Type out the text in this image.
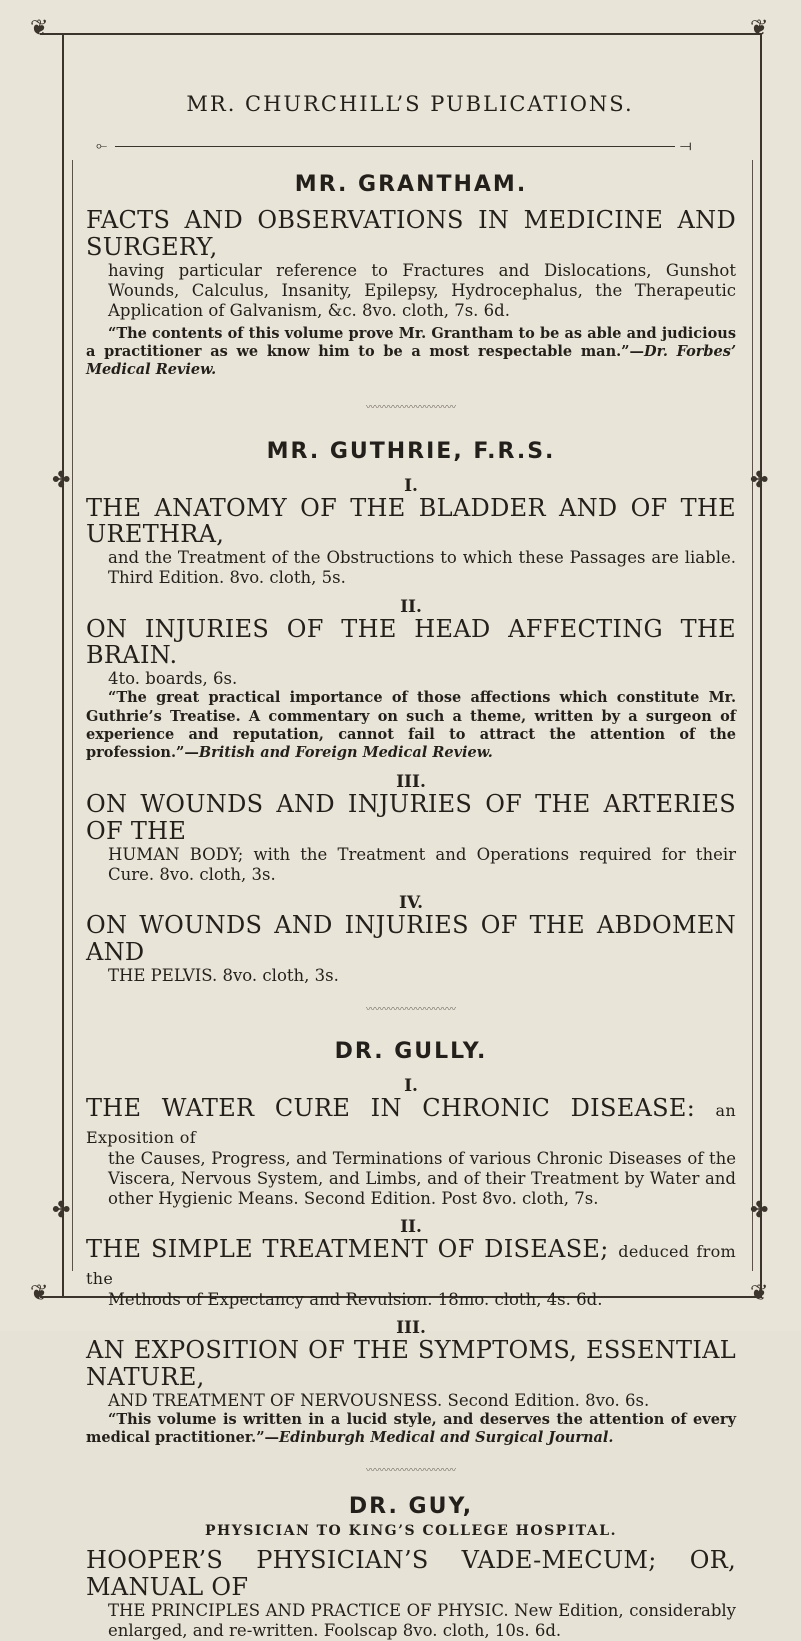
❦	❦
❦	❦
✤	✤
✤	✤
MR. CHURCHILL’S PUBLICATIONS.
⟜	⟞
MR. GRANTHAM.
FACTS AND OBSERVATIONS IN MEDICINE AND SURGERY,
having particular reference to Fractures and Dislocations, Gunshot Wounds, Calculus, Insanity, Epilepsy, Hydrocephalus, the Therapeutic Application of Galvanism, &c. 8vo. cloth, 7s. 6d.
“The contents of this volume prove Mr. Grantham to be as able and judicious a practitioner as we know him to be a most respectable man.”—Dr. Forbes’ Medical Review.
〰〰〰〰〰〰〰〰〰〰
MR. GUTHRIE, F.R.S.
I.
THE ANATOMY OF THE BLADDER AND OF THE URETHRA,
and the Treatment of the Obstructions to which these Passages are liable. Third Edition. 8vo. cloth, 5s.
II.
ON INJURIES OF THE HEAD AFFECTING THE BRAIN.
4to. boards, 6s.
“The great practical importance of those affections which constitute Mr. Guthrie’s Treatise. A commentary on such a theme, written by a surgeon of experience and reputation, cannot fail to attract the attention of the profession.”—British and Foreign Medical Review.
III.
ON WOUNDS AND INJURIES OF THE ARTERIES OF THE
HUMAN BODY; with the Treatment and Operations required for their Cure. 8vo. cloth, 3s.
IV.
ON WOUNDS AND INJURIES OF THE ABDOMEN AND
THE PELVIS. 8vo. cloth, 3s.
〰〰〰〰〰〰〰〰〰〰
DR. GULLY.
I.
THE WATER CURE IN CHRONIC DISEASE: an Exposition of
the Causes, Progress, and Terminations of various Chronic Diseases of the Viscera, Nervous System, and Limbs, and of their Treatment by Water and other Hygienic Means. Second Edition. Post 8vo. cloth, 7s.
II.
THE SIMPLE TREATMENT OF DISEASE; deduced from the
Methods of Expectancy and Revulsion. 18mo. cloth, 4s. 6d.
III.
AN EXPOSITION OF THE SYMPTOMS, ESSENTIAL NATURE,
AND TREATMENT OF NERVOUSNESS. Second Edition. 8vo. 6s.
“This volume is written in a lucid style, and deserves the attention of every medical practitioner.”—Edinburgh Medical and Surgical Journal.
〰〰〰〰〰〰〰〰〰〰
DR. GUY,
PHYSICIAN TO KING’S COLLEGE HOSPITAL.
HOOPER’S PHYSICIAN’S VADE-MECUM; OR, MANUAL OF
THE PRINCIPLES AND PRACTICE OF PHYSIC. New Edition, considerably enlarged, and re-written. Foolscap 8vo. cloth, 10s. 6d.
